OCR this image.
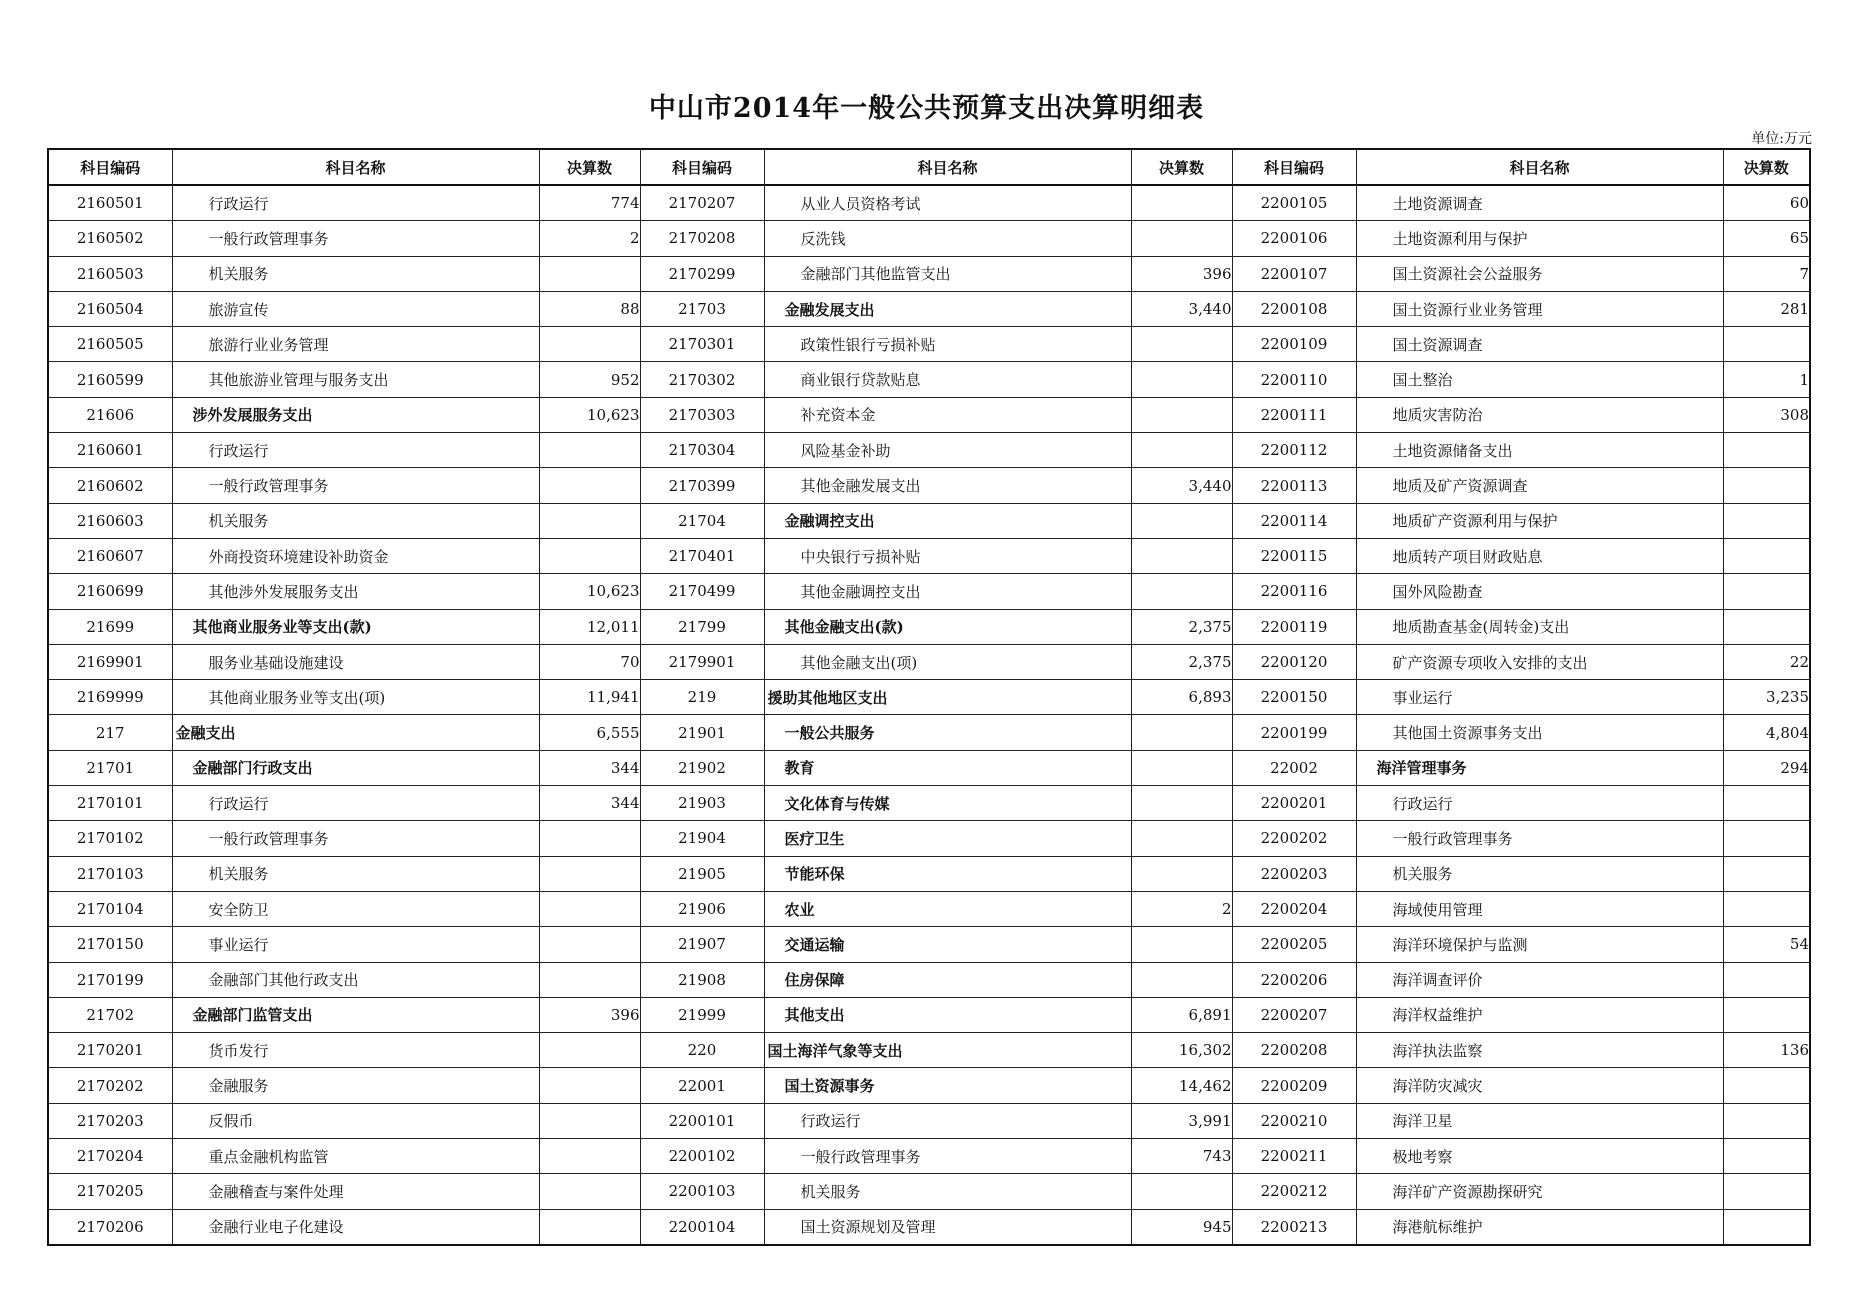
中山市2014年一般公共预算支出决算明细表
单位:万元
科目编码	科目名称	决算数	科目编码	科目名称	决算数	科目编码	科目名称	决算数
2160501	行政运行	774	2170207	从业人员资格考试		2200105	土地资源调查	60
2160502	一般行政管理事务	2	2170208	反洗钱		2200106	土地资源利用与保护	65
2160503	机关服务		2170299	金融部门其他监管支出	396	2200107	国土资源社会公益服务	7
2160504	旅游宣传	88	21703	金融发展支出	3,440	2200108	国土资源行业业务管理	281
2160505	旅游行业业务管理		2170301	政策性银行亏损补贴		2200109	国土资源调查	
2160599	其他旅游业管理与服务支出	952	2170302	商业银行贷款贴息		2200110	国土整治	1
21606	涉外发展服务支出	10,623	2170303	补充资本金		2200111	地质灾害防治	308
2160601	行政运行		2170304	风险基金补助		2200112	土地资源储备支出	
2160602	一般行政管理事务		2170399	其他金融发展支出	3,440	2200113	地质及矿产资源调查	
2160603	机关服务		21704	金融调控支出		2200114	地质矿产资源利用与保护	
2160607	外商投资环境建设补助资金		2170401	中央银行亏损补贴		2200115	地质转产项目财政贴息	
2160699	其他涉外发展服务支出	10,623	2170499	其他金融调控支出		2200116	国外风险勘查	
21699	其他商业服务业等支出(款)	12,011	21799	其他金融支出(款)	2,375	2200119	地质勘查基金(周转金)支出	
2169901	服务业基础设施建设	70	2179901	其他金融支出(项)	2,375	2200120	矿产资源专项收入安排的支出	22
2169999	其他商业服务业等支出(项)	11,941	219	援助其他地区支出	6,893	2200150	事业运行	3,235
217	金融支出	6,555	21901	一般公共服务		2200199	其他国土资源事务支出	4,804
21701	金融部门行政支出	344	21902	教育		22002	海洋管理事务	294
2170101	行政运行	344	21903	文化体育与传媒		2200201	行政运行	
2170102	一般行政管理事务		21904	医疗卫生		2200202	一般行政管理事务	
2170103	机关服务		21905	节能环保		2200203	机关服务	
2170104	安全防卫		21906	农业	2	2200204	海域使用管理	
2170150	事业运行		21907	交通运输		2200205	海洋环境保护与监测	54
2170199	金融部门其他行政支出		21908	住房保障		2200206	海洋调查评价	
21702	金融部门监管支出	396	21999	其他支出	6,891	2200207	海洋权益维护	
2170201	货币发行		220	国土海洋气象等支出	16,302	2200208	海洋执法监察	136
2170202	金融服务		22001	国土资源事务	14,462	2200209	海洋防灾减灾	
2170203	反假币		2200101	行政运行	3,991	2200210	海洋卫星	
2170204	重点金融机构监管		2200102	一般行政管理事务	743	2200211	极地考察	
2170205	金融稽查与案件处理		2200103	机关服务		2200212	海洋矿产资源勘探研究	
2170206	金融行业电子化建设		2200104	国土资源规划及管理	945	2200213	海港航标维护	
